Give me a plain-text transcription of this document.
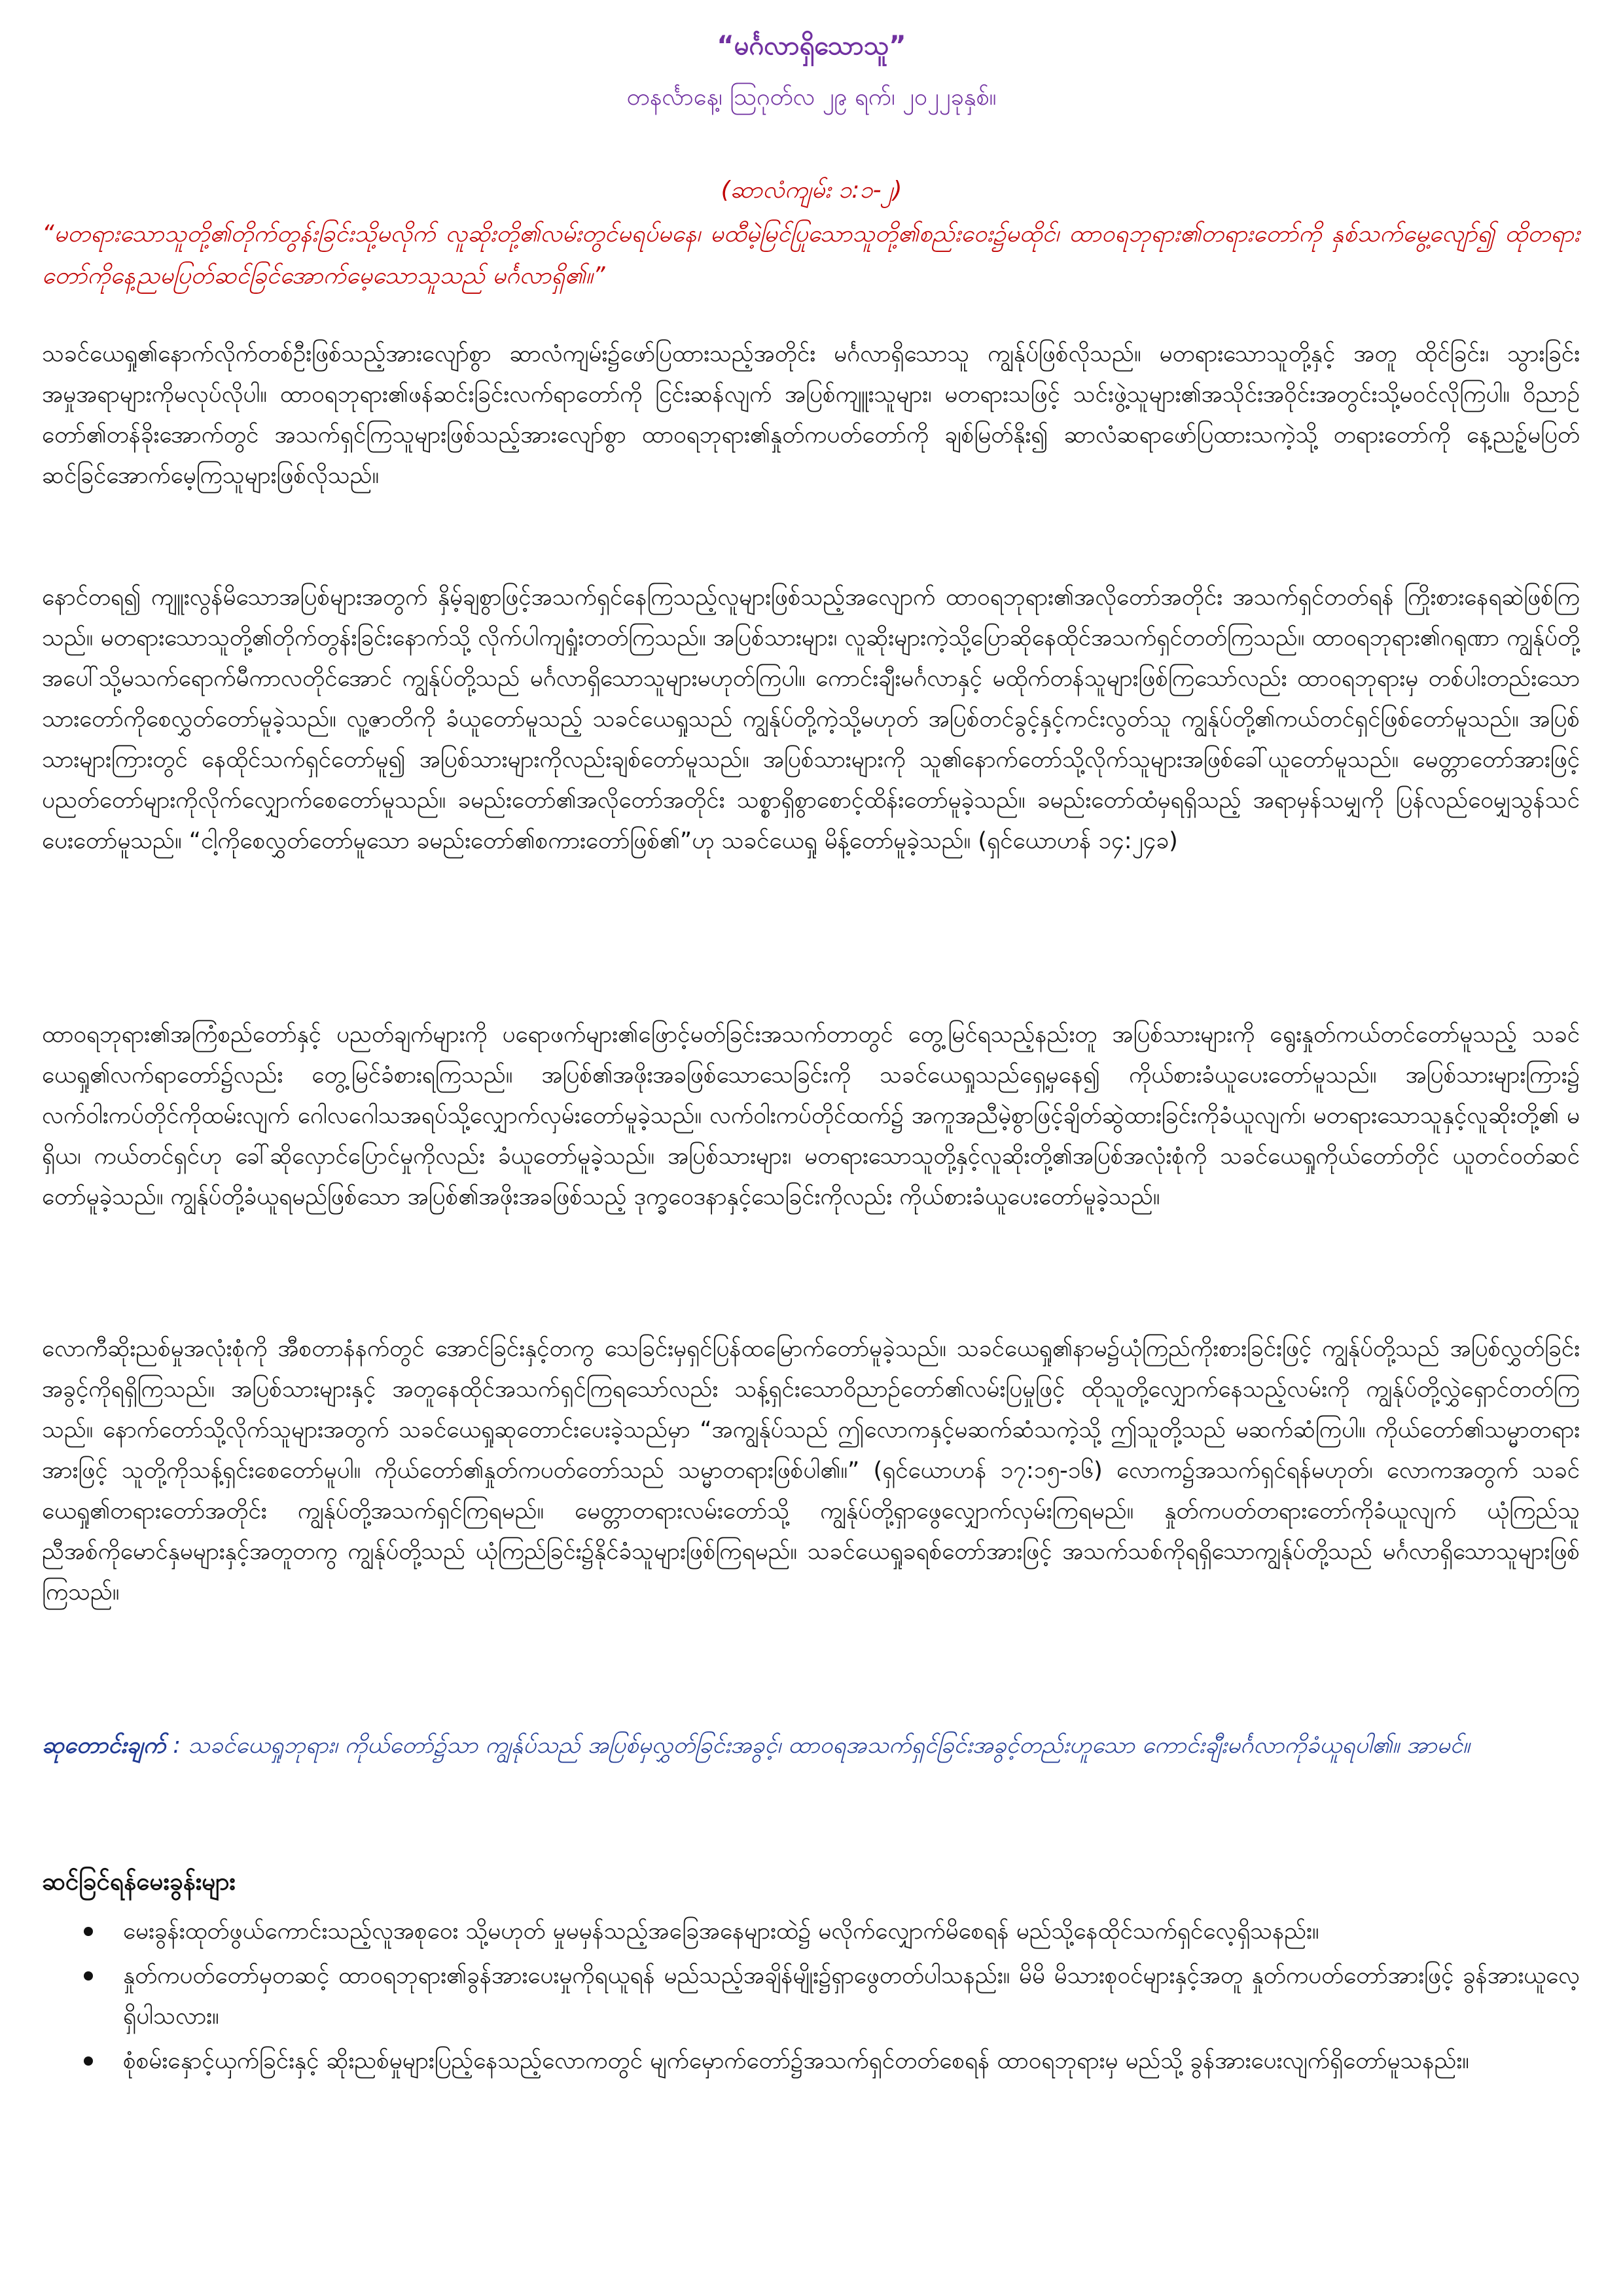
“မင်္ဂလာရှိသောသူ”
တနင်္လာနေ့၊ ဩဂုတ်လ ၂၉ ရက်၊ ၂၀၂၂ခုနှစ်။
(ဆာလံကျမ်း ၁:၁-၂)
“မတရားသောသူတို့၏တိုက်တွန်းခြင်းသို့မလိုက် လူဆိုးတို့၏လမ်းတွင်မရပ်မနေ၊ မထီမဲ့မြင်ပြုသောသူတို့၏စည်းဝေး၌မထိုင်၊ ထာဝရဘုရား၏တရားတော်ကို နှစ်သက်မွေ့လျော်၍ ထိုတရားတော်ကိုနေ့ညမပြတ်ဆင်ခြင်အောက်မေ့သောသူသည် မင်္ဂလာရှိ၏။”
သခင်ယေရှု၏နောက်လိုက်တစ်ဦးဖြစ်သည့်အားလျော်စွာ ဆာလံကျမ်း၌ဖော်ပြထားသည့်အတိုင်း မင်္ဂလာရှိသောသူ ကျွန်ုပ်ဖြစ်လိုသည်။ မတရားသောသူတို့နှင့် အတူ ထိုင်ခြင်း၊ သွားခြင်းအမှုအရာများကိုမလုပ်လိုပါ။ ထာဝရဘုရား၏ဖန်ဆင်းခြင်းလက်ရာတော်ကို ငြင်းဆန်လျက် အပြစ်ကျူးသူများ၊ မတရားသဖြင့် သင်းဖွဲ့သူများ၏အသိုင်းအဝိုင်းအတွင်းသို့မဝင်လိုကြပါ။ ဝိညာဉ်တော်၏တန်ခိုးအောက်တွင် အသက်ရှင်ကြသူများဖြစ်သည့်အားလျော်စွာ ထာဝရဘုရား၏နှုတ်ကပတ်တော်ကို ချစ်မြတ်နိုး၍ ဆာလံဆရာဖော်ပြထားသကဲ့သို့ တရားတော်ကို နေ့ညဉ့်မပြတ်ဆင်ခြင်အောက်မေ့ကြသူများဖြစ်လိုသည်။
နောင်တရ၍ ကျူးလွန်မိသောအပြစ်များအတွက် နှိမ့်ချစွာဖြင့်အသက်ရှင်နေကြသည့်လူများဖြစ်သည့်အလျောက် ထာဝရဘုရား၏အလိုတော်အတိုင်း အသက်ရှင်တတ်ရန် ကြိုးစားနေရဆဲဖြစ်ကြသည်။ မတရားသောသူတို့၏တိုက်တွန်းခြင်းနောက်သို့ လိုက်ပါကျရှုံးတတ်ကြသည်။ အပြစ်သားများ၊ လူဆိုးများကဲ့သို့ပြောဆိုနေထိုင်အသက်ရှင်တတ်ကြသည်။ ထာဝရဘုရား၏ဂရုဏာ ကျွန်ုပ်တို့အပေါ်သို့မသက်ရောက်မီကာလတိုင်အောင် ကျွန်ုပ်တို့သည် မင်္ဂလာရှိသောသူများမဟုတ်ကြပါ။ ကောင်းချီးမင်္ဂလာနှင့် မထိုက်တန်သူများဖြစ်ကြသော်လည်း ထာဝရဘုရားမှ တစ်ပါးတည်းသောသားတော်ကိုစေလွှတ်တော်မူခဲ့သည်။ လူ့ဇာတိကို ခံယူတော်မူသည့် သခင်ယေရှုသည် ကျွန်ုပ်တို့ကဲ့သို့မဟုတ် အပြစ်တင်ခွင့်နှင့်ကင်းလွတ်သူ ကျွန်ုပ်တို့၏ကယ်တင်ရှင်ဖြစ်တော်မူသည်။ အပြစ်သားများကြားတွင် နေထိုင်သက်ရှင်တော်မူ၍ အပြစ်သားများကိုလည်းချစ်တော်မူသည်။ အပြစ်သားများကို သူ၏နောက်တော်သို့လိုက်သူများအဖြစ်ခေါ်ယူတော်မူသည်။ မေတ္တာတော်အားဖြင့် ပညတ်တော်များကိုလိုက်လျှောက်စေတော်မူသည်။ ခမည်းတော်၏အလိုတော်အတိုင်း သစ္စာရှိစွာစောင့်ထိန်းတော်မူခဲ့သည်။ ခမည်းတော်ထံမှရရှိသည့် အရာမှန်သမျှကို ပြန်လည်ဝေမျှသွန်သင်ပေးတော်မူသည်။ “ငါ့ကိုစေလွှတ်တော်မူသော ခမည်းတော်၏စကားတော်ဖြစ်၏”ဟု သခင်ယေရှု မိန့်တော်မူခဲ့သည်။ (ရှင်ယောဟန် ၁၄:၂၄ခ)
ထာဝရဘုရား၏အကြံစည်တော်နှင့် ပညတ်ချက်များကို ပရောဖက်များ၏ဖြောင့်မတ်ခြင်းအသက်တာတွင် တွေ့မြင်ရသည့်နည်းတူ အပြစ်သားများကို ရွေးနှုတ်ကယ်တင်တော်မူသည့် သခင်ယေရှု၏လက်ရာတော်၌လည်း တွေ့မြင်ခံစားရကြသည်။ အပြစ်၏အဖိုးအခဖြစ်သောသေခြင်းကို သခင်ယေရှုသည်ရှေ့မှနေ၍ ကိုယ်စားခံယူပေးတော်မူသည်။ အပြစ်သားများကြား၌ လက်ဝါးကပ်တိုင်ကိုထမ်းလျက် ဂေါလဂေါသအရပ်သို့လျှောက်လှမ်းတော်မူခဲ့သည်။ လက်ဝါးကပ်တိုင်ထက်၌ အကူအညီမဲ့စွာဖြင့်ချိတ်ဆွဲထားခြင်းကိုခံယူလျက်၊ မတရားသောသူနှင့်လူဆိုးတို့၏ မရှိယ၊ ကယ်တင်ရှင်ဟု ခေါ်ဆိုလှောင်ပြောင်မှုကိုလည်း ခံယူတော်မူခဲ့သည်။ အပြစ်သားများ၊ မတရားသောသူတို့နှင့်လူဆိုးတို့၏အပြစ်အလုံးစုံကို သခင်ယေရှုကိုယ်တော်တိုင် ယူတင်ဝတ်ဆင်တော်မူခဲ့သည်။ ကျွန်ုပ်တို့ခံယူရမည်ဖြစ်သော အပြစ်၏အဖိုးအခဖြစ်သည့် ဒုက္ခဝေဒနာနှင့်သေခြင်းကိုလည်း ကိုယ်စားခံယူပေးတော်မူခဲ့သည်။
လောကီဆိုးညစ်မှုအလုံးစုံကို အီစတာနံနက်တွင် အောင်ခြင်းနှင့်တကွ သေခြင်းမှရှင်ပြန်ထမြောက်တော်မူခဲ့သည်။ သခင်ယေရှု၏နာမ၌ယုံကြည်ကိုးစားခြင်းဖြင့် ကျွန်ုပ်တို့သည် အပြစ်လွှတ်ခြင်းအခွင့်ကိုရရှိကြသည်။ အပြစ်သားများနှင့် အတူနေထိုင်အသက်ရှင်ကြရသော်လည်း သန့်ရှင်းသောဝိညာဉ်တော်၏လမ်းပြမှုဖြင့် ထိုသူတို့လျှောက်နေသည့်လမ်းကို ကျွန်ုပ်တို့လွှဲရှောင်တတ်ကြသည်။ နောက်တော်သို့လိုက်သူများအတွက် သခင်ယေရှုဆုတောင်းပေးခဲ့သည်မှာ “အကျွန်ုပ်သည် ဤလောကနှင့်မဆက်ဆံသကဲ့သို့ ဤသူတို့သည် မဆက်ဆံကြပါ။ ကိုယ်တော်၏သမ္မာတရားအားဖြင့် သူတို့ကိုသန့်ရှင်းစေတော်မူပါ။ ကိုယ်တော်၏နှုတ်ကပတ်တော်သည် သမ္မာတရားဖြစ်ပါ၏။” (ရှင်ယောဟန် ၁၇:၁၅-၁၆) လောက၌အသက်ရှင်ရန်မဟုတ်၊ လောကအတွက် သခင်ယေရှု၏တရားတော်အတိုင်း ကျွန်ုပ်တို့အသက်ရှင်ကြရမည်။ မေတ္တာတရားလမ်းတော်သို့ ကျွန်ုပ်တို့ရှာဖွေလျှောက်လှမ်းကြရမည်။ နှုတ်ကပတ်တရားတော်ကိုခံယူလျက် ယုံကြည်သူ ညီအစ်ကိုမောင်နှမများနှင့်အတူတကွ ကျွန်ုပ်တို့သည် ယုံကြည်ခြင်း၌နိုင်ခံသူများဖြစ်ကြရမည်။ သခင်ယေရှုခရစ်တော်အားဖြင့် အသက်သစ်ကိုရရှိသောကျွန်ုပ်တို့သည် မင်္ဂလာရှိသောသူများဖြစ်ကြသည်။
ဆုတောင်းချက် : သခင်ယေရှုဘုရား၊ ကိုယ်တော်၌သာ ကျွန်ုပ်သည် အပြစ်မှလွှတ်ခြင်းအခွင့်၊ ထာဝရအသက်ရှင်ခြင်းအခွင့်တည်းဟူသော ကောင်းချီးမင်္ဂလာကိုခံယူရပါ၏။ အာမင်။
ဆင်ခြင်ရန်မေးခွန်းများ
မေးခွန်းထုတ်ဖွယ်ကောင်းသည့်လူအစုဝေး သို့မဟုတ် မှုမမှန်သည့်အခြေအနေများထဲ၌ မလိုက်လျှောက်မိစေရန် မည်သို့နေထိုင်သက်ရှင်လေ့ရှိသနည်း။
နှုတ်ကပတ်တော်မှတဆင့် ထာဝရဘုရား၏ခွန်အားပေးမှုကိုရယူရန် မည်သည့်အချိန်မျိုး၌ရှာဖွေတတ်ပါသနည်း။ မိမိ မိသားစုဝင်များနှင့်အတူ နှုတ်ကပတ်တော်အားဖြင့် ခွန်အားယူလေ့ရှိပါသလား။
စုံစမ်းနှောင့်ယှက်ခြင်းနှင့် ဆိုးညစ်မှုများပြည့်နေသည့်လောကတွင် မျက်မှောက်တော်၌အသက်ရှင်တတ်စေရန် ထာဝရဘုရားမှ မည်သို့ ခွန်အားပေးလျက်ရှိတော်မူသနည်း။
